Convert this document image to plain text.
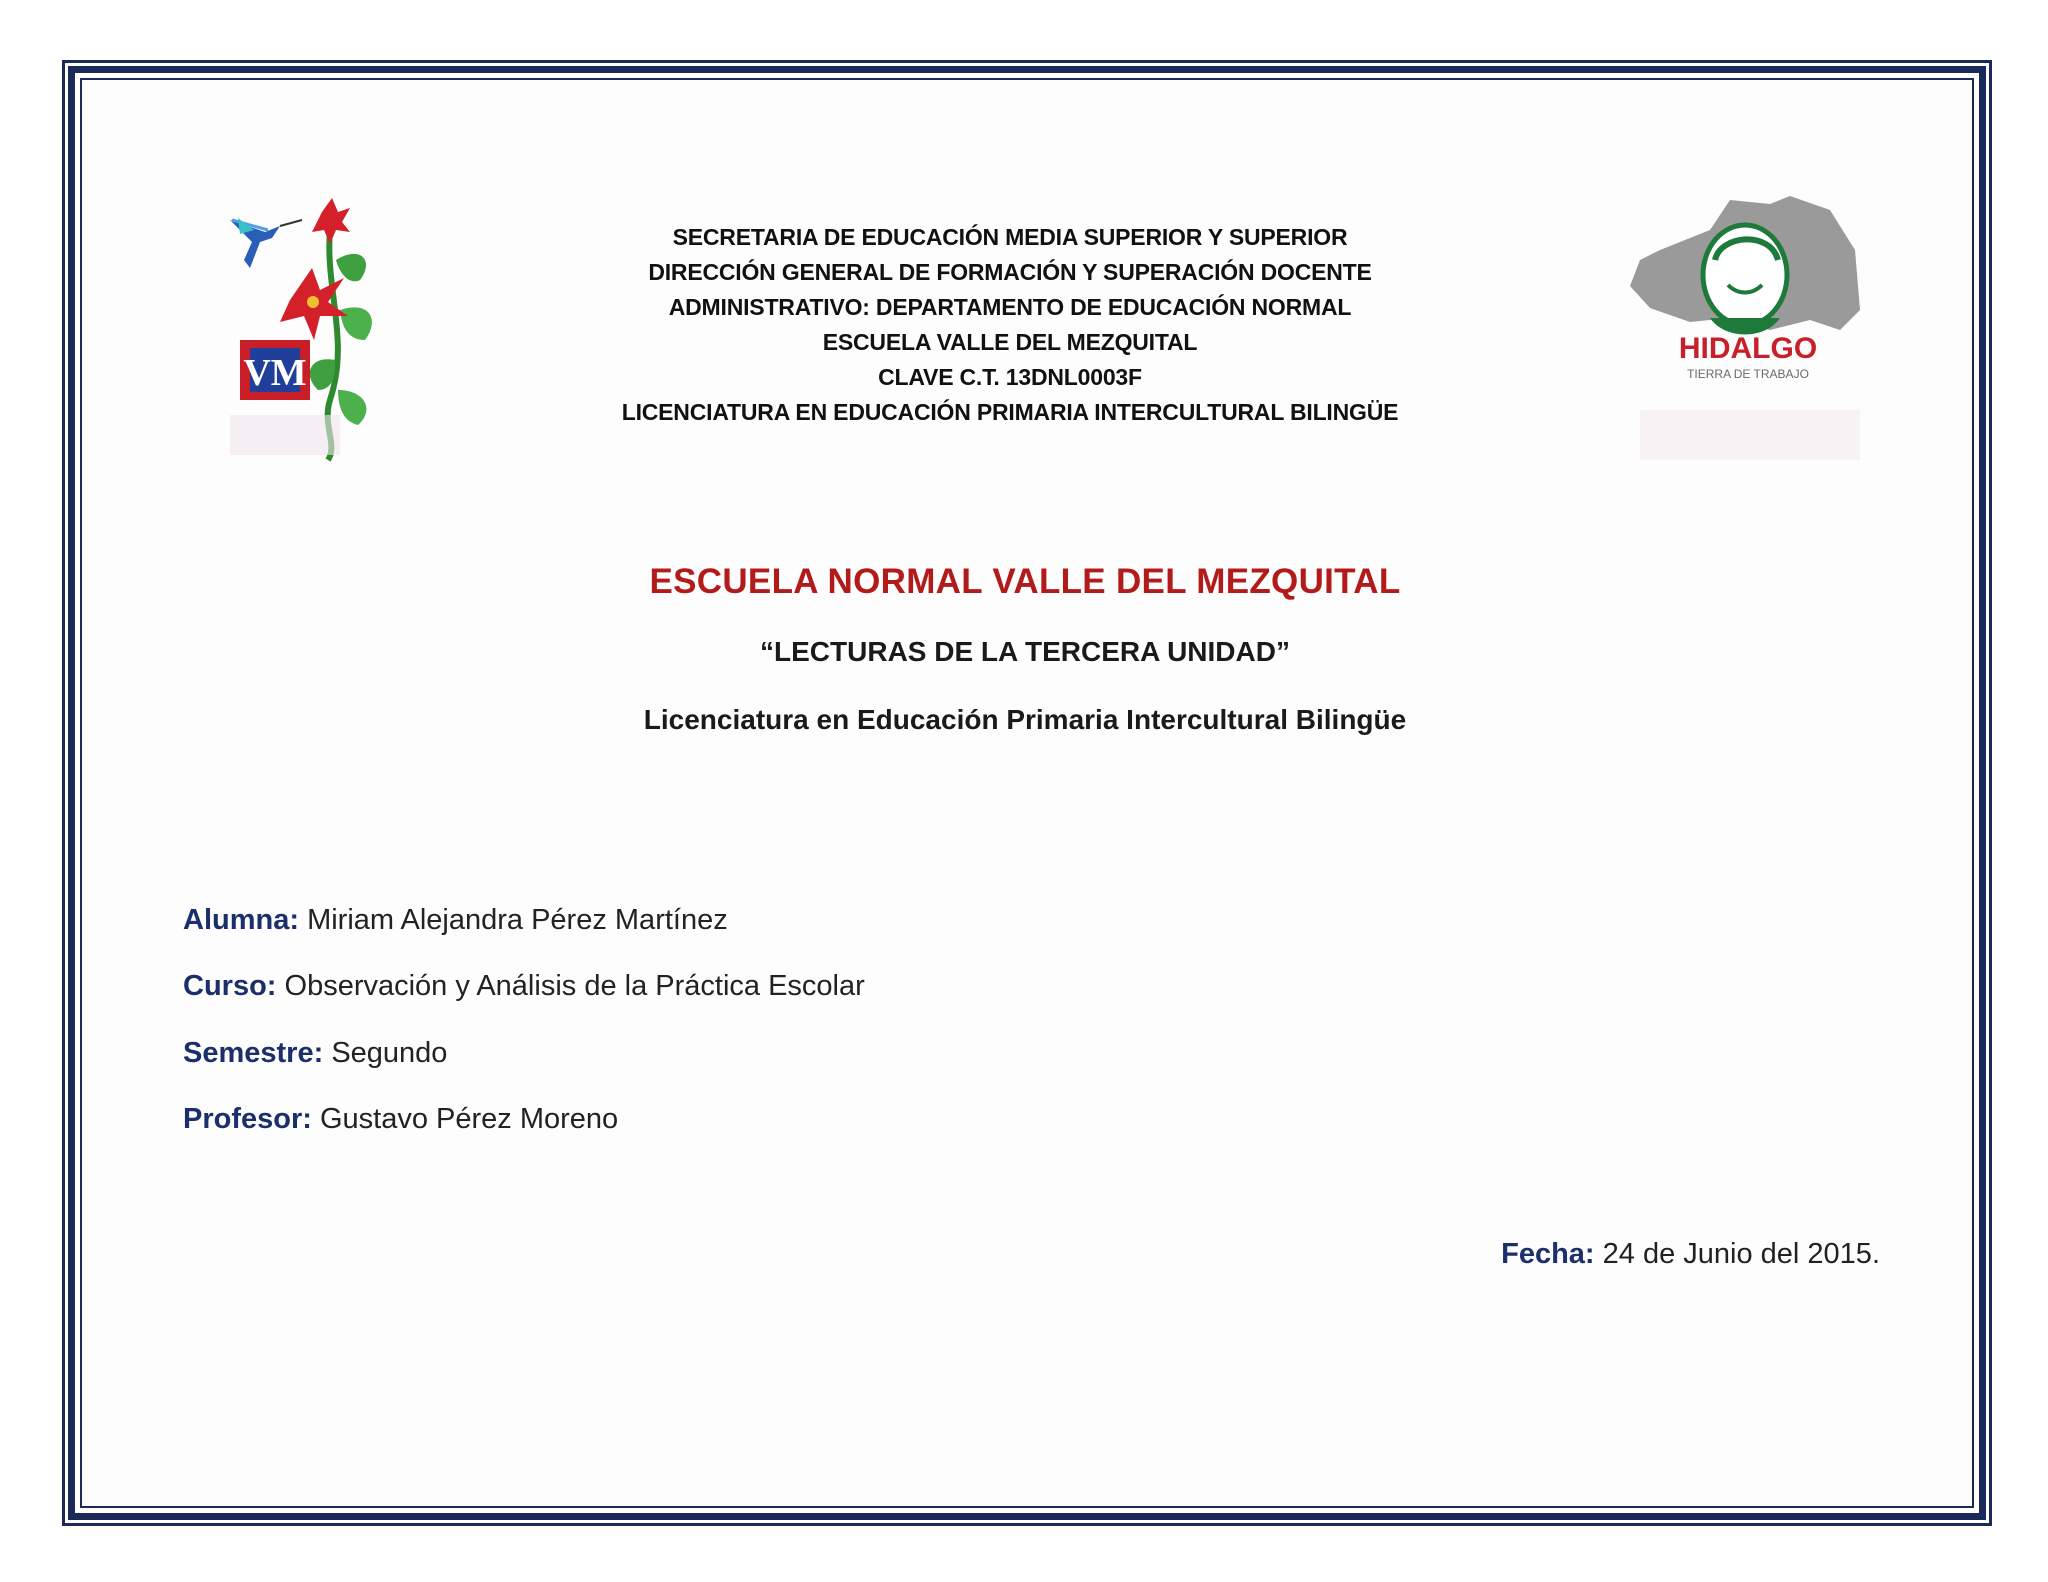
VM
HIDALGO
TIERRA DE TRABAJO
SECRETARIA DE EDUCACIÓN MEDIA SUPERIOR Y SUPERIOR
DIRECCIÓN GENERAL DE FORMACIÓN Y SUPERACIÓN DOCENTE
ADMINISTRATIVO: DEPARTAMENTO DE EDUCACIÓN NORMAL
ESCUELA VALLE DEL MEZQUITAL
CLAVE C.T. 13DNL0003F
LICENCIATURA EN EDUCACIÓN PRIMARIA INTERCULTURAL BILINGÜE
ESCUELA NORMAL VALLE DEL MEZQUITAL
“LECTURAS DE LA TERCERA UNIDAD”
Licenciatura en Educación Primaria Intercultural Bilingüe
Alumna: Miriam Alejandra Pérez Martínez
Curso: Observación y Análisis de la Práctica Escolar
Semestre: Segundo
Profesor: Gustavo Pérez Moreno
Fecha: 24 de Junio del 2015.
